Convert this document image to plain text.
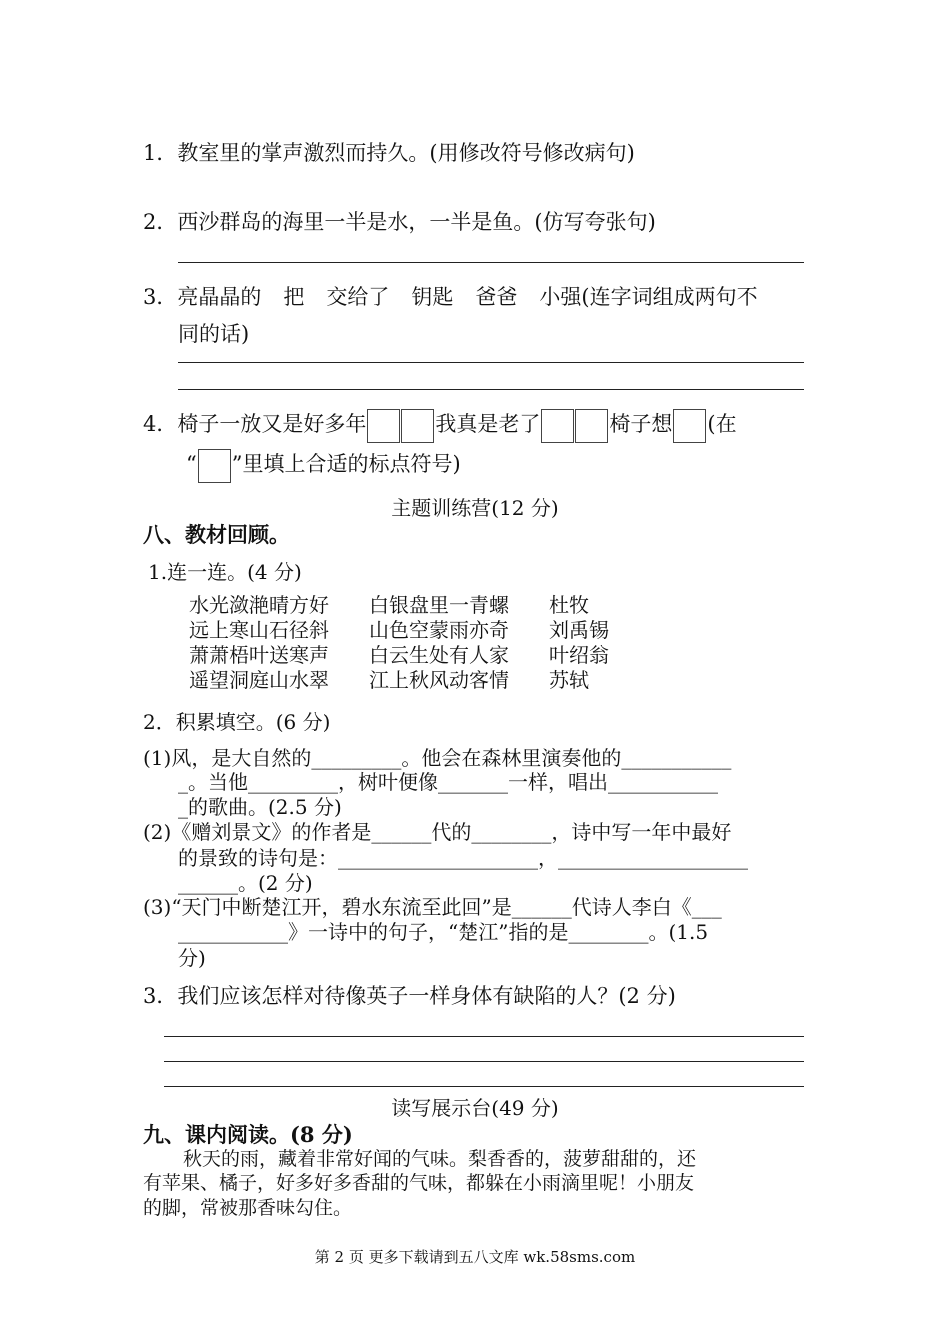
1．教室里的掌声激烈而持久。(用修改符号修改病句)
2．西沙群岛的海里一半是水，一半是鱼。(仿写夸张句)
3．亮晶晶的 把 交给了 钥匙 爸爸 小强(连字词组成两句不
同的话)
4．椅子一放又是好多年	我真是老了	椅子想 (在
“ ”里填上合适的标点符号)
主题训练营(12 分)
八、教材回顾。
1.连一连。(4 分)
水光潋滟晴方好 白银盘里一青螺 杜牧
远上寒山石径斜 山色空蒙雨亦奇 刘禹锡
萧萧梧叶送寒声 白云生处有人家 叶绍翁
遥望洞庭山水翠 江上秋风动客情 苏轼
2．积累填空。(6 分)
(1)风，是大自然的_________。他会在森林里演奏他的___________
_。当他_________，树叶便像_______一样，唱出___________
_的歌曲。(2.5 分)
(2)《赠刘景文》的作者是______代的________，诗中写一年中最好
的景致的诗句是：____________________，___________________
______。(2 分)
(3)“天门中断楚江开，碧水东流至此回”是______代诗人李白《___
___________》一诗中的句子，“楚江”指的是________。(1.5
分)
3．我们应该怎样对待像英子一样身体有缺陷的人？(2 分)
读写展示台(49 分)
九、课内阅读。(8 分)
秋天的雨，藏着非常好闻的气味。梨香香的，菠萝甜甜的，还
有苹果、橘子，好多好多香甜的气味，都躲在小雨滴里呢！小朋友
的脚，常被那香味勾住。
第 2 页 更多下载请到五八文库 wk.58sms.com
